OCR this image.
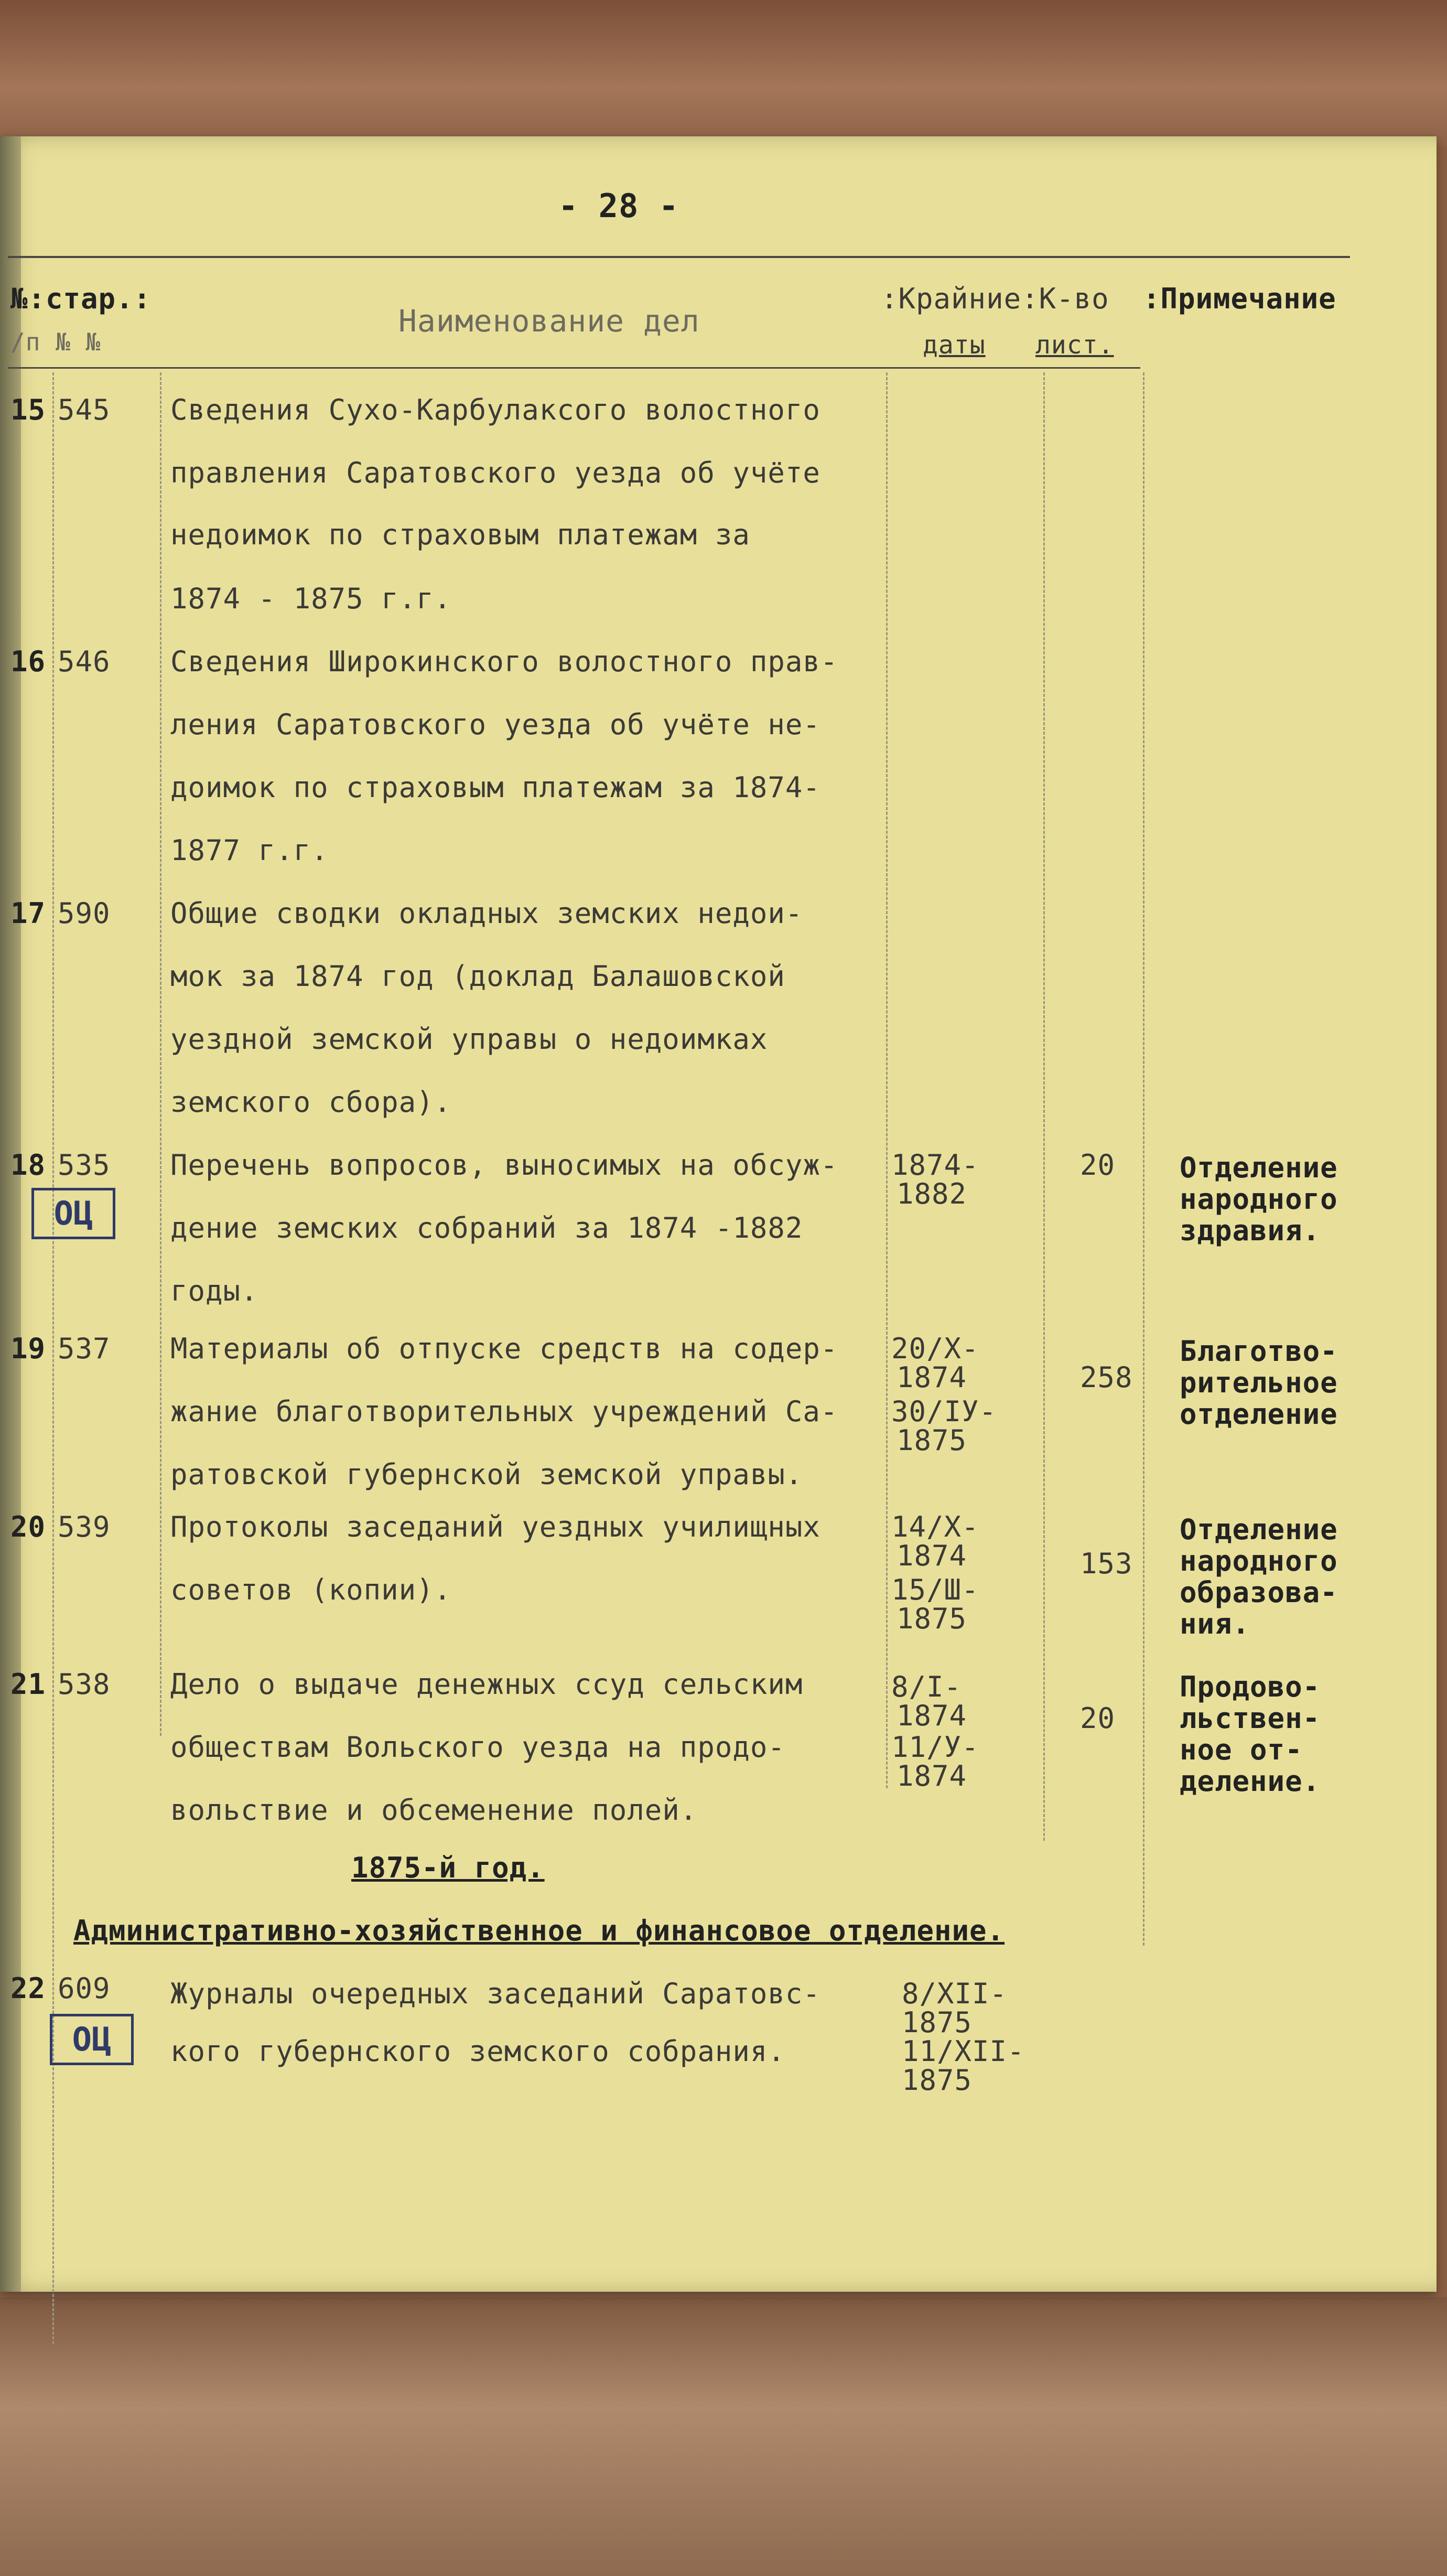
- 28 -
№:стар.:
/п № №
Наименование дел
:Крайние:К-во
даты лист.
:Примечание
15 545 Сведения Сухо-Карбулаксого волостного
правления Саратовского уезда об учёте
недоимок по страховым платежам за
1874 - 1875 г.г.
16 546 Сведения Широкинского волостного прав-
ления Саратовского уезда об учёте не-
доимок по страховым платежам за 1874-
1877 г.г.
17 590 Общие сводки окладных земских недои-
мок за 1874 год (доклад Балашовской
уездной земской управы о недоимках
земского сбора).
18 535
ОЦ
Перечень вопросов, выносимых на обсуж-
дение земских собраний за 1874 -1882
годы.
1874-
1882
20 Отделение
народного
здравия.
19 537 Материалы об отпуске средств на содер-
жание благотворительных учреждений Са-
ратовской губернской земской управы.
20/Х-
1874
30/IУ-
1875
258
Благотво-
рительное
отделение
20 539 Протоколы заседаний уездных училищных
советов (копии).
14/Х-
1874
15/Ш-
1875
153
Отделение
народного
образова-
ния.
21 538 Дело о выдаче денежных ссуд сельским
обществам Вольского уезда на продо-
вольствие и обсеменение полей.
8/I-
1874
11/У-
1874
20
Продово-
льствен-
ное от-
деление.
1875-й год.
Административно-хозяйственное и финансовое отделение.
22 609
ОЦ
Журналы очередных заседаний Саратовс-
кого губернского земского собрания.
8/ХII-
1875
11/ХII-
1875
